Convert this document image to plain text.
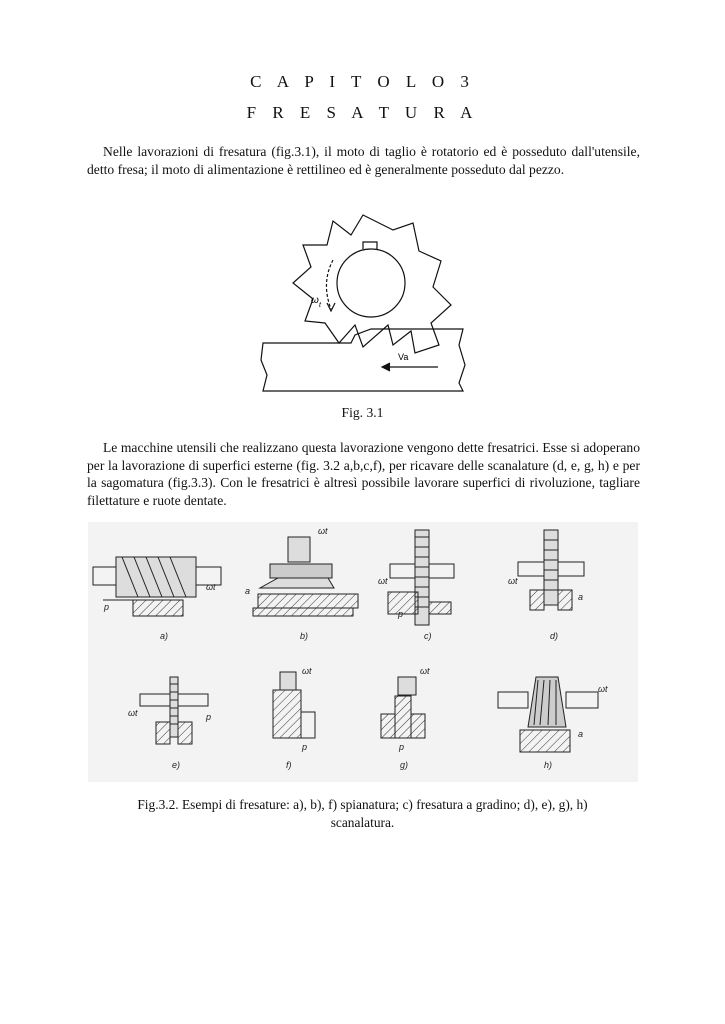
C A P I T O L O 3
F R E S A T U R A

Nelle lavorazioni di fresatura (fig.3.1), il moto di taglio è rotatorio ed è posseduto dall'utensile, detto fresa; il moto di alimentazione è rettilineo ed è generalmente posseduto dal pezzo.

ω t
Va
Fig. 3.1

Le macchine utensili che realizzano questa lavorazione vengono dette fresatrici. Esse si adoperano per la lavorazione di superfici esterne (fig. 3.2 a,b,c,f), per ricavare delle scanalature (d, e, g, h) e per la sagomatura (fig.3.3). Con le fresatrici è altresì possibile lavorare superfici di rivoluzione, tagliare filettature e ruote dentate.

a)	b)	c)	d)
e)	f)	g)	h)
ωt
ωt
ωt	ωt
ωt
ωt	ωt
ωt
p
a
p
a
p
p	p
a
Fig.3.2. Esempi di fresature: a), b), f) spianatura; c) fresatura a gradino; d), e), g), h) scanalatura.
